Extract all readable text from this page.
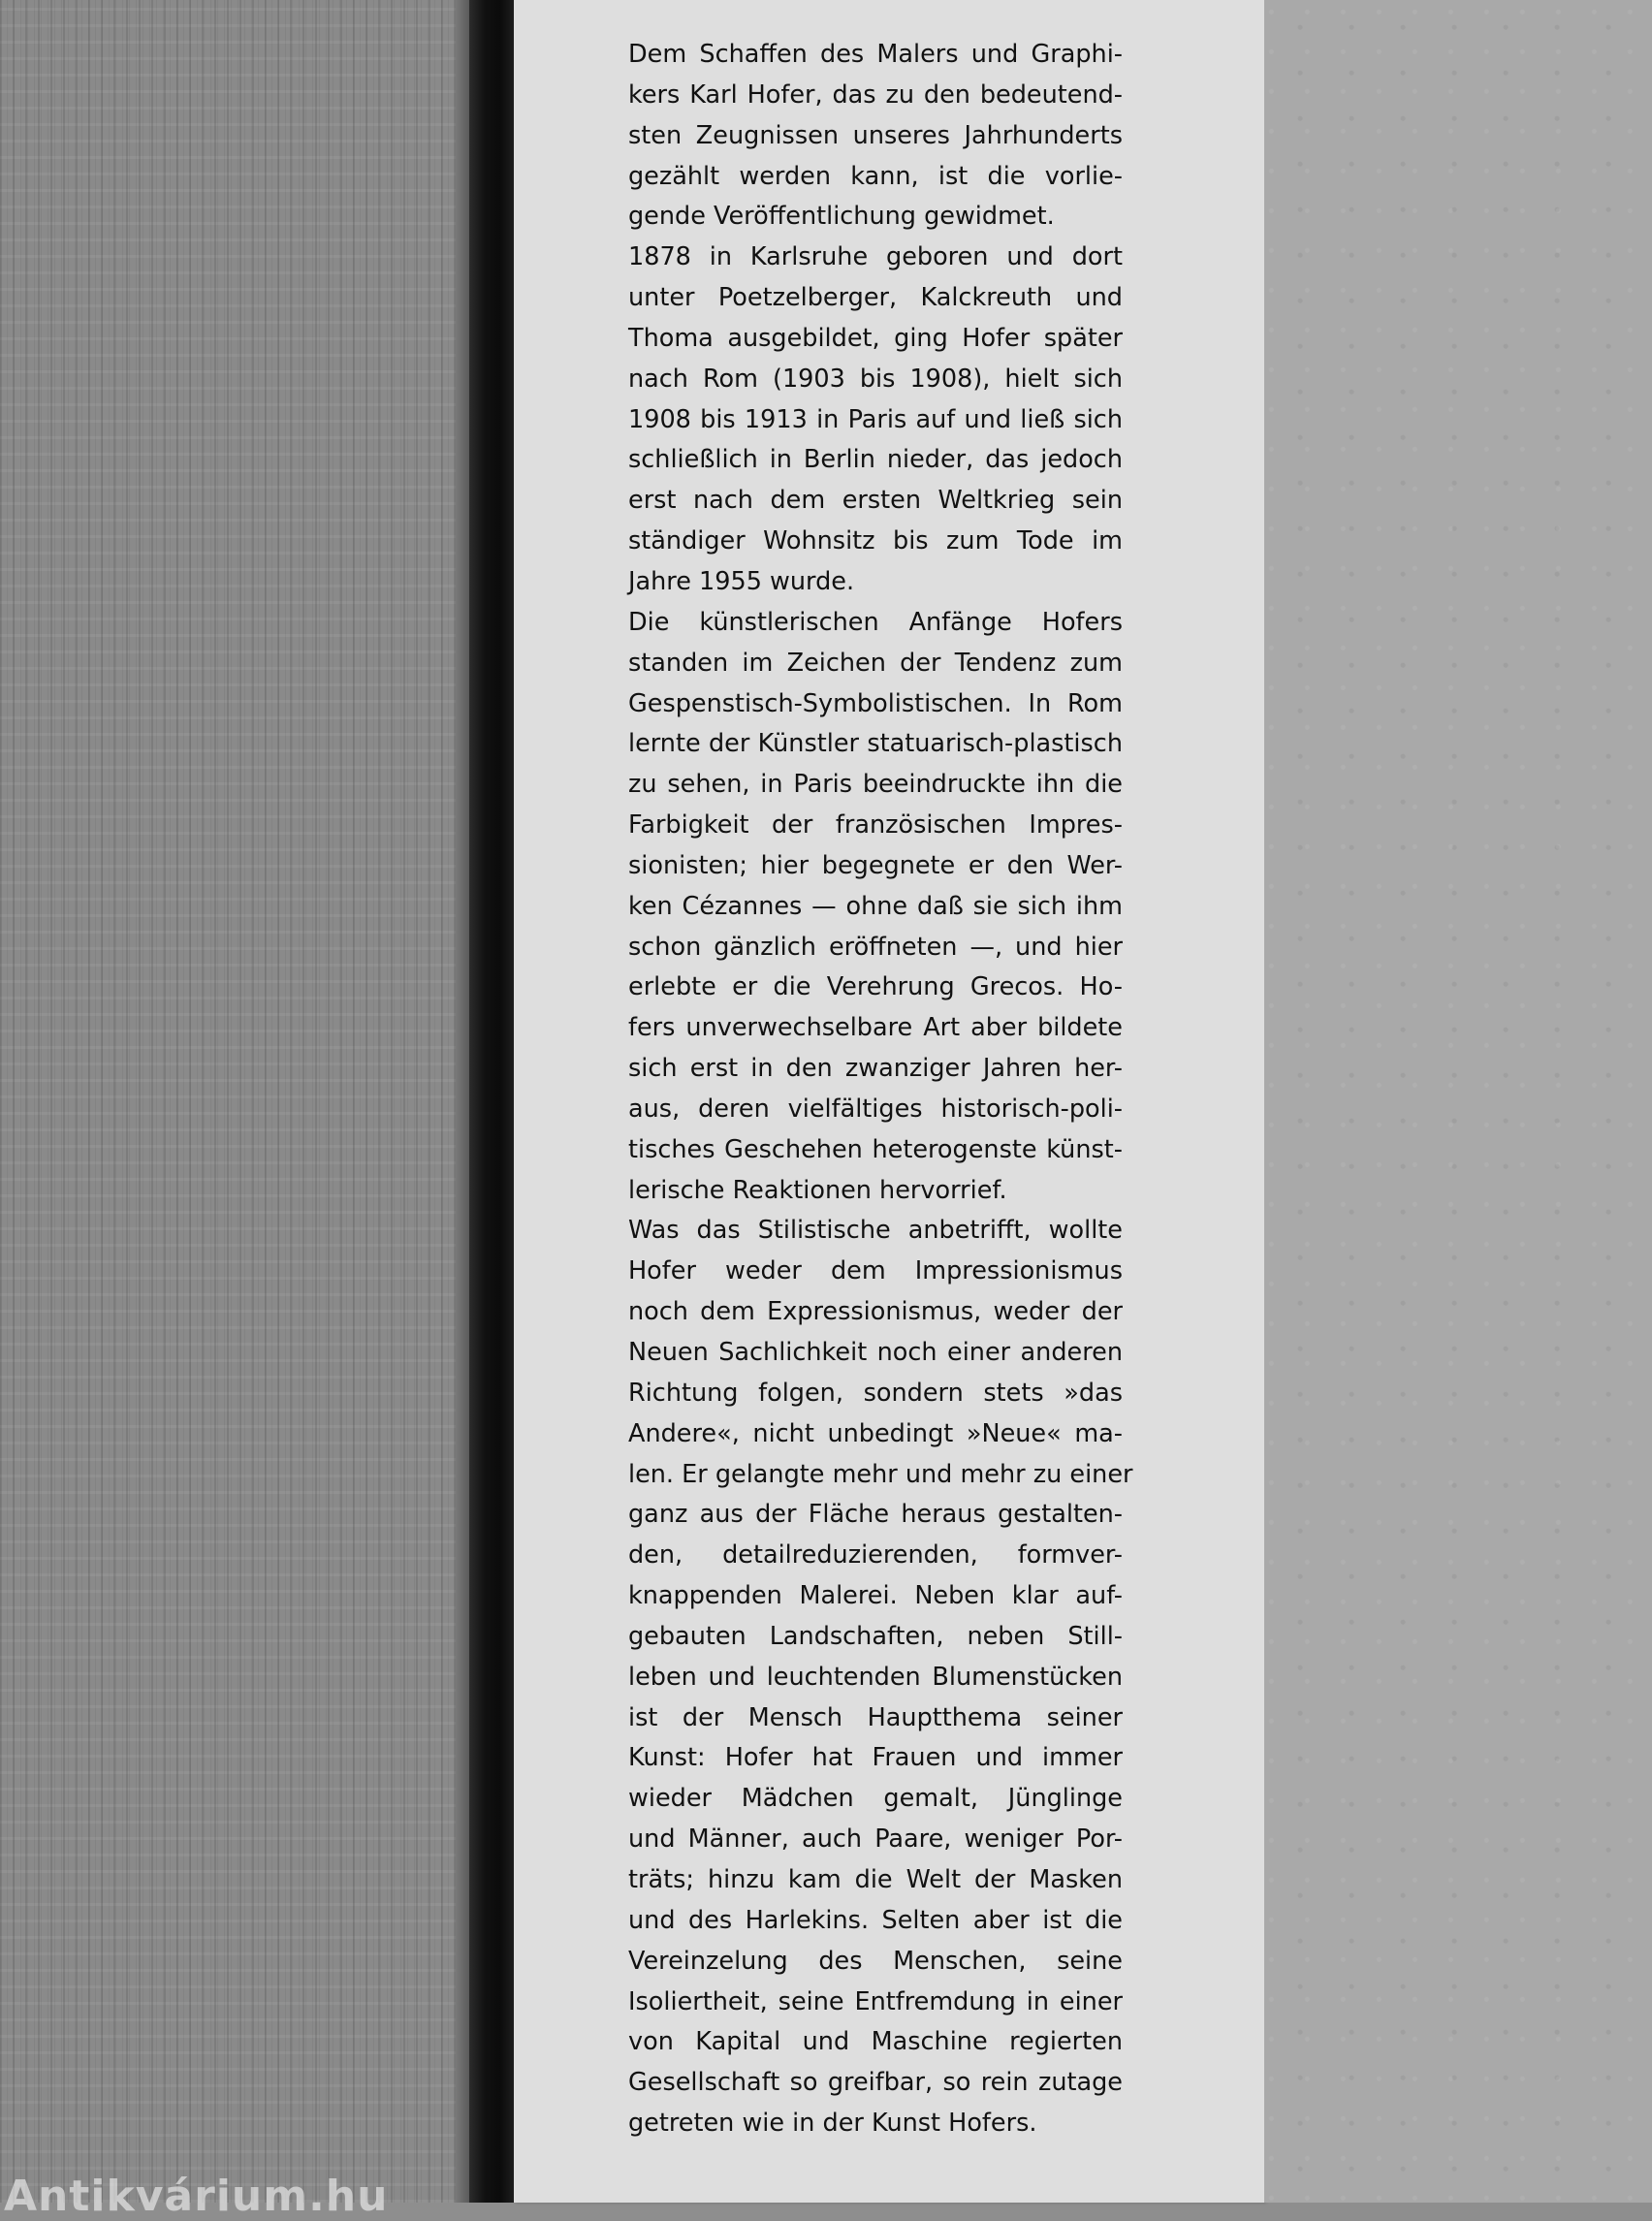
Dem Schaffen des Malers und Graphi-
kers Karl Hofer, das zu den bedeutend-
sten Zeugnissen unseres Jahrhunderts
gezählt werden kann, ist die vorlie-
gende Veröffentlichung gewidmet.

1878 in Karlsruhe geboren und dort
unter Poetzelberger, Kalckreuth und
Thoma ausgebildet, ging Hofer später
nach Rom (1903 bis 1908), hielt sich
1908 bis 1913 in Paris auf und ließ sich
schließlich in Berlin nieder, das jedoch
erst nach dem ersten Weltkrieg sein
ständiger Wohnsitz bis zum Tode im
Jahre 1955 wurde.

Die künstlerischen Anfänge Hofers
standen im Zeichen der Tendenz zum
Gespenstisch-Symbolistischen. In Rom
lernte der Künstler statuarisch-plastisch
zu sehen, in Paris beeindruckte ihn die
Farbigkeit der französischen Impres-
sionisten; hier begegnete er den Wer-
ken Cézannes — ohne daß sie sich ihm
schon gänzlich eröffneten —, und hier
erlebte er die Verehrung Grecos. Ho-
fers unverwechselbare Art aber bildete
sich erst in den zwanziger Jahren her-
aus, deren vielfältiges historisch-poli-
tisches Geschehen heterogenste künst-
lerische Reaktionen hervorrief.

Was das Stilistische anbetrifft, wollte
Hofer weder dem Impressionismus
noch dem Expressionismus, weder der
Neuen Sachlichkeit noch einer anderen
Richtung folgen, sondern stets »das
Andere«, nicht unbedingt »Neue« ma-
len. Er gelangte mehr und mehr zu einer
ganz aus der Fläche heraus gestalten-
den, detailreduzierenden, formver-
knappenden Malerei. Neben klar auf-
gebauten Landschaften, neben Still-
leben und leuchtenden Blumenstücken
ist der Mensch Hauptthema seiner
Kunst: Hofer hat Frauen und immer
wieder Mädchen gemalt, Jünglinge
und Männer, auch Paare, weniger Por-
träts; hinzu kam die Welt der Masken
und des Harlekins. Selten aber ist die
Vereinzelung des Menschen, seine
Isoliertheit, seine Entfremdung in einer
von Kapital und Maschine regierten
Gesellschaft so greifbar, so rein zutage
getreten wie in der Kunst Hofers.

Antikvárium.hu
